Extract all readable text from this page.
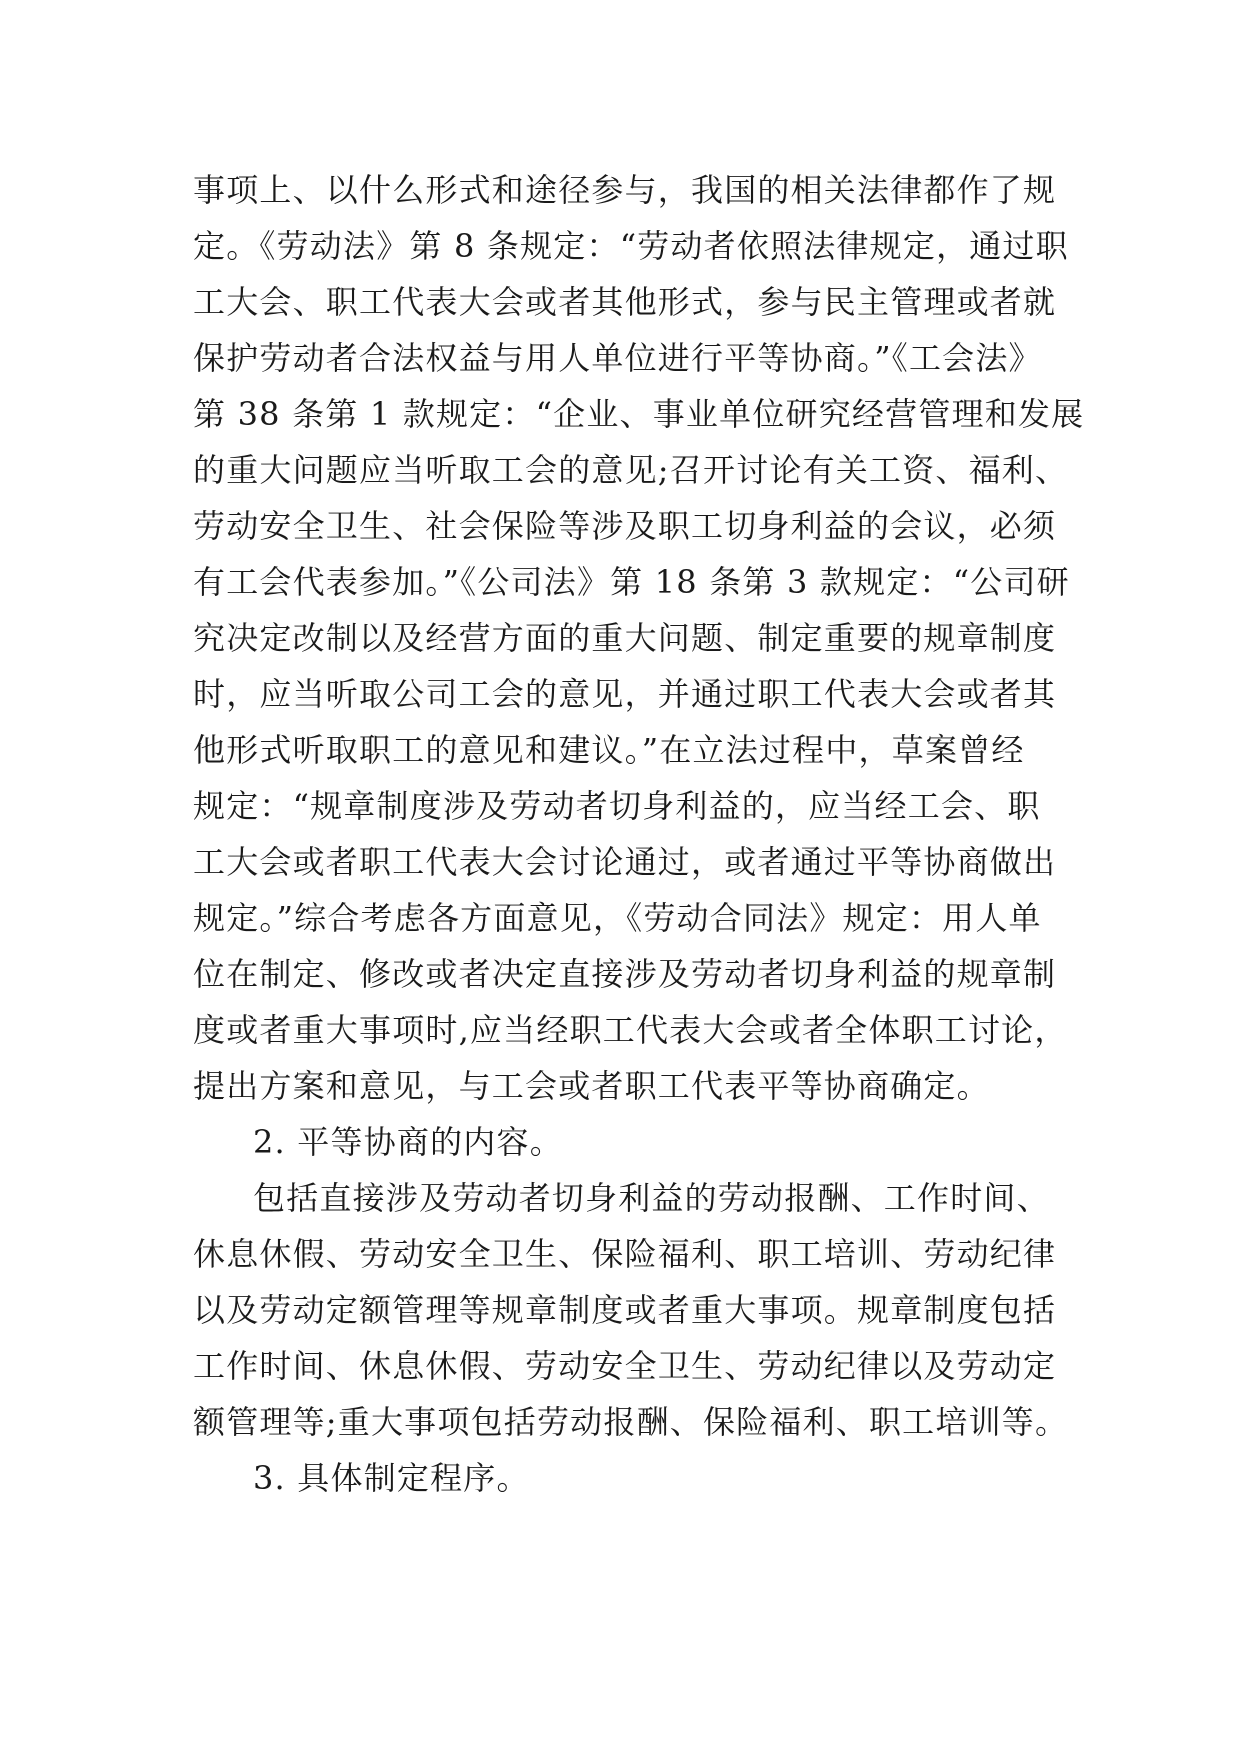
事项上、以什么形式和途径参与，我国的相关法律都作了规
定。《劳动法》第 8 条规定：“劳动者依照法律规定，通过职
工大会、职工代表大会或者其他形式，参与民主管理或者就
保护劳动者合法权益与用人单位进行平等协商。”《工会法》
第 38 条第 1 款规定：“企业、事业单位研究经营管理和发展
的重大问题应当听取工会的意见;召开讨论有关工资、福利、
劳动安全卫生、社会保险等涉及职工切身利益的会议，必须
有工会代表参加。”《公司法》第 18 条第 3 款规定：“公司研
究决定改制以及经营方面的重大问题、制定重要的规章制度
时，应当听取公司工会的意见，并通过职工代表大会或者其
他形式听取职工的意见和建议。”在立法过程中，草案曾经
规定：“规章制度涉及劳动者切身利益的，应当经工会、职
工大会或者职工代表大会讨论通过，或者通过平等协商做出
规定。”综合考虑各方面意见，《劳动合同法》规定：用人单
位在制定、修改或者决定直接涉及劳动者切身利益的规章制
度或者重大事项时,应当经职工代表大会或者全体职工讨论，
提出方案和意见，与工会或者职工代表平等协商确定。
2. 平等协商的内容。
包括直接涉及劳动者切身利益的劳动报酬、工作时间、
休息休假、劳动安全卫生、保险福利、职工培训、劳动纪律
以及劳动定额管理等规章制度或者重大事项。规章制度包括
工作时间、休息休假、劳动安全卫生、劳动纪律以及劳动定
额管理等;重大事项包括劳动报酬、保险福利、职工培训等。
3. 具体制定程序。
